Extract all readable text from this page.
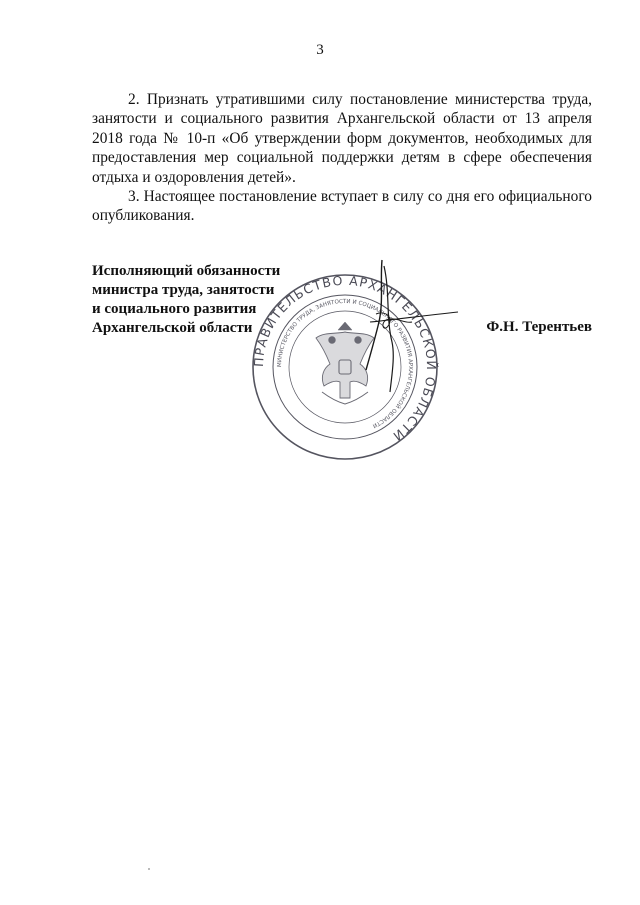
3

2. Признать утратившими силу постановление министерства труда, занятости и социального развития Архангельской области от 13 апреля 2018 года № 10-п «Об утверждении форм документов, необходимых для предоставления мер социальной поддержки детям в сфере обеспечения отдыха и оздоровления детей».

3. Настоящее постановление вступает в силу со дня его официального опубликования.

Исполняющий обязанности
министра труда, занятости
и социального развития
Архангельской области
ПРАВИТЕЛЬСТВО АРХАНГЕЛЬСКОЙ ОБЛАСТИ
МИНИСТЕРСТВО ТРУДА, ЗАНЯТОСТИ И СОЦИАЛЬНОГО РАЗВИТИЯ АРХАНГЕЛЬСКОЙ ОБЛАСТИ
Ф.Н. Терентьев
